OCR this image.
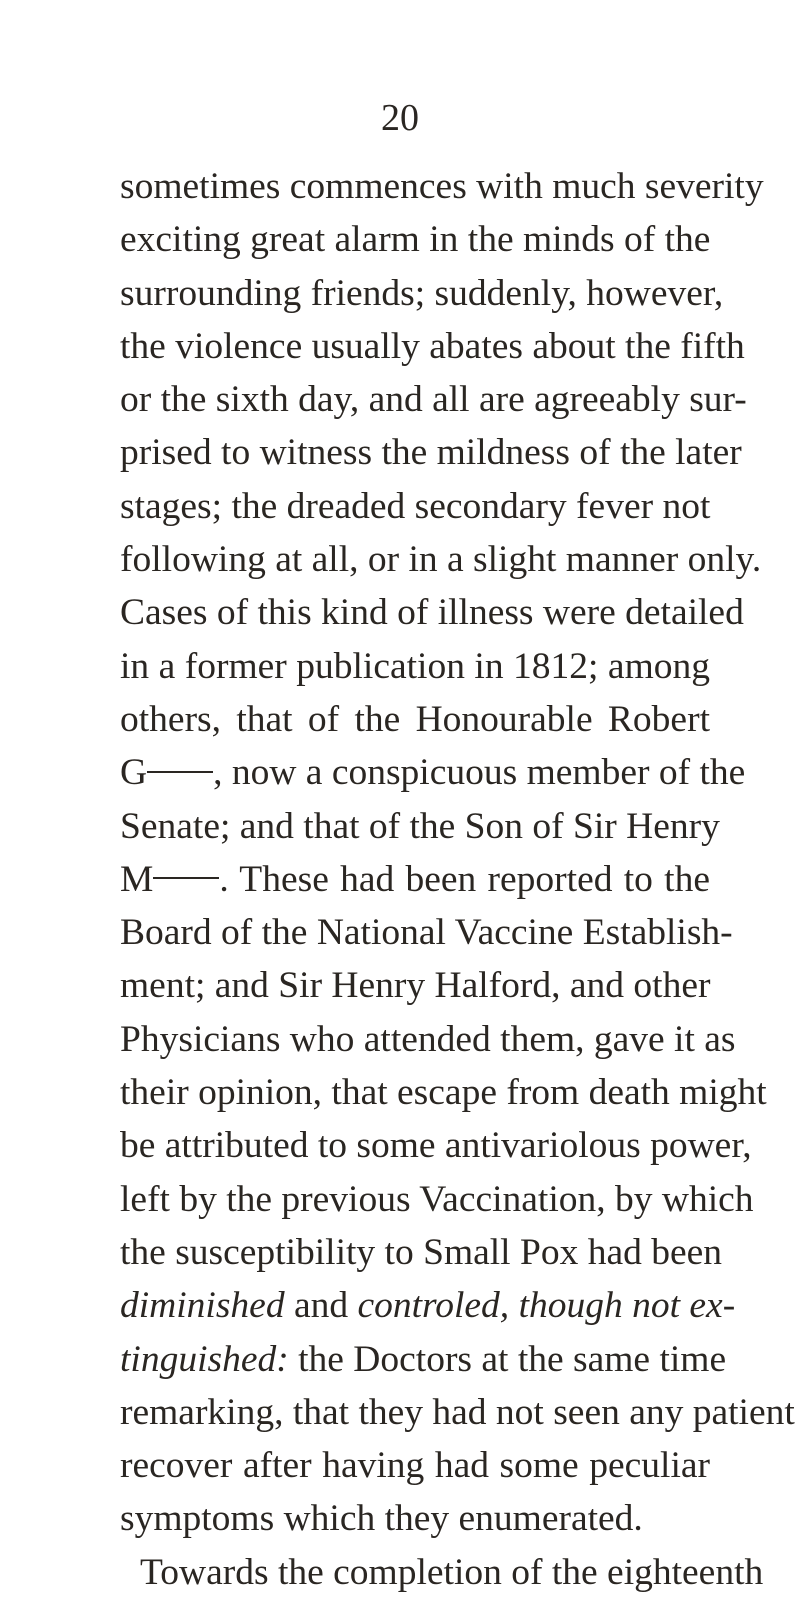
20
sometimes commences with much severity
exciting great alarm in the minds of the
surrounding friends; suddenly, however,
the violence usually abates about the fifth
or the sixth day, and all are agreeably sur-
prised to witness the mildness of the later
stages; the dreaded secondary fever not
following at all, or in a slight manner only.
Cases of this kind of illness were detailed
in a former publication in 1812; among
others, that of the Honourable Robert
G , now a conspicuous member of the
Senate; and that of the Son of Sir Henry
M . These had been reported to the
Board of the National Vaccine Establish-
ment; and Sir Henry Halford, and other
Physicians who attended them, gave it as
their opinion, that escape from death might
be attributed to some antivariolous power,
left by the previous Vaccination, by which
the susceptibility to Small Pox had been
diminished and controled, though not ex-
tinguished: the Doctors at the same time
remarking, that they had not seen any patient
recover after having had some peculiar
symptoms which they enumerated.
Towards the completion of the eighteenth
